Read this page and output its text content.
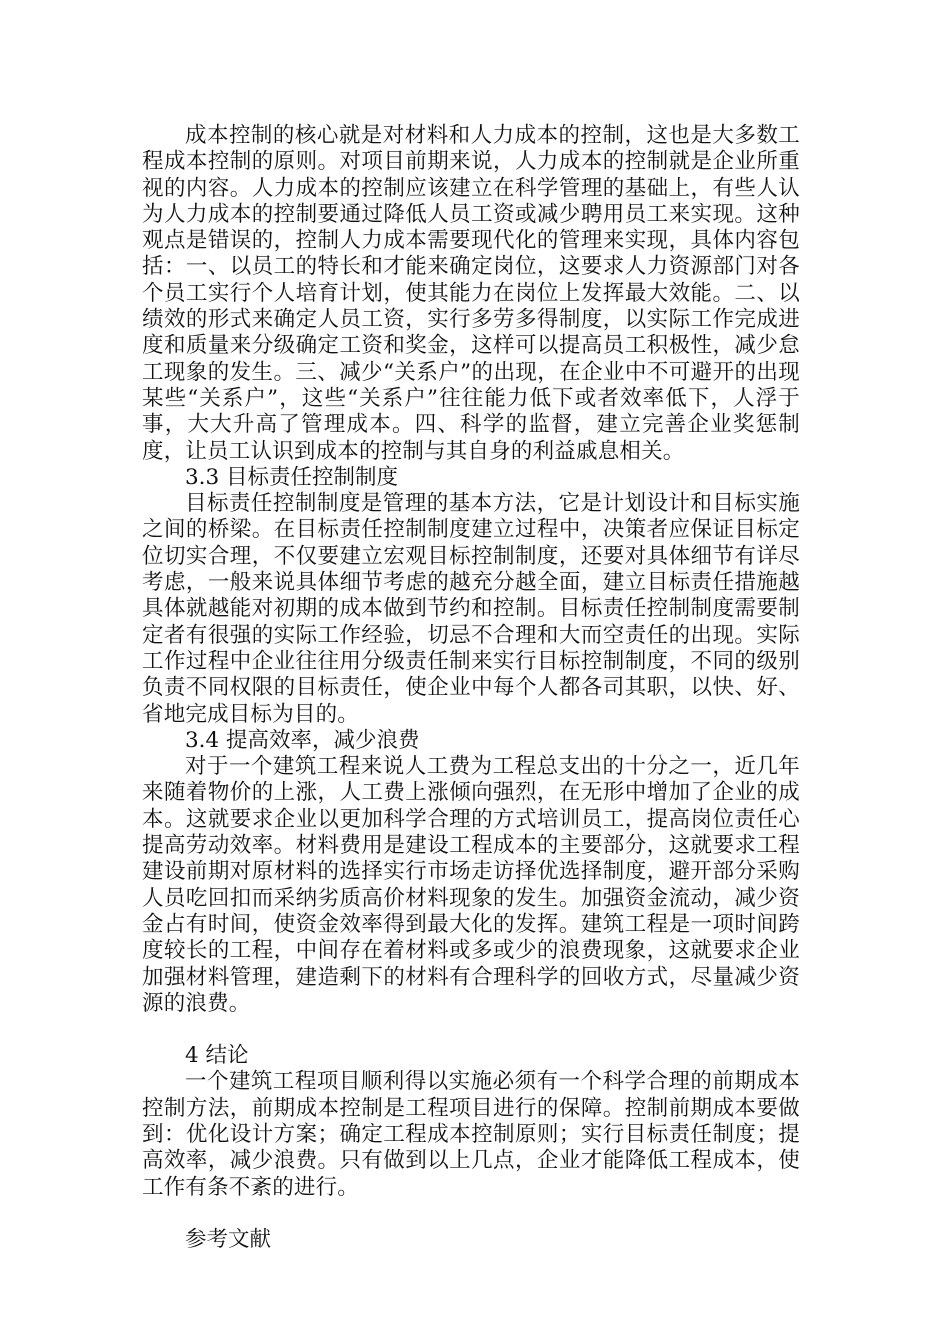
成本控制的核心就是对材料和人力成本的控制，这也是大多数工程成本控制的原则。对项目前期来说，人力成本的控制就是企业所重视的内容。人力成本的控制应该建立在科学管理的基础上，有些人认为人力成本的控制要通过降低人员工资或减少聘用员工来实现。这种观点是错误的，控制人力成本需要现代化的管理来实现，具体内容包括：一、以员工的特长和才能来确定岗位，这要求人力资源部门对各个员工实行个人培育计划，使其能力在岗位上发挥最大效能。二、以绩效的形式来确定人员工资，实行多劳多得制度，以实际工作完成进度和质量来分级确定工资和奖金，这样可以提高员工积极性，减少怠工现象的发生。三、减少“关系户”的出现，在企业中不可避开的出现某些“关系户”，这些“关系户”往往能力低下或者效率低下，人浮于事，大大升高了管理成本。四、科学的监督，建立完善企业奖惩制度，让员工认识到成本的控制与其自身的利益戚息相关。

3.3 目标责任控制制度

目标责任控制制度是管理的基本方法，它是计划设计和目标实施之间的桥梁。在目标责任控制制度建立过程中，决策者应保证目标定位切实合理，不仅要建立宏观目标控制制度，还要对具体细节有详尽考虑，一般来说具体细节考虑的越充分越全面，建立目标责任措施越具体就越能对初期的成本做到节约和控制。目标责任控制制度需要制定者有很强的实际工作经验，切忌不合理和大而空责任的出现。实际工作过程中企业往往用分级责任制来实行目标控制制度，不同的级别负责不同权限的目标责任，使企业中每个人都各司其职，以快、好、省地完成目标为目的。

3.4 提高效率，减少浪费

对于一个建筑工程来说人工费为工程总支出的十分之一，近几年来随着物价的上涨，人工费上涨倾向强烈，在无形中增加了企业的成本。这就要求企业以更加科学合理的方式培训员工，提高岗位责任心提高劳动效率。材料费用是建设工程成本的主要部分，这就要求工程建设前期对原材料的选择实行市场走访择优选择制度，避开部分采购人员吃回扣而采纳劣质高价材料现象的发生。加强资金流动，减少资金占有时间，使资金效率得到最大化的发挥。建筑工程是一项时间跨度较长的工程，中间存在着材料或多或少的浪费现象，这就要求企业加强材料管理，建造剩下的材料有合理科学的回收方式，尽量减少资源的浪费。

4 结论

一个建筑工程项目顺利得以实施必须有一个科学合理的前期成本控制方法，前期成本控制是工程项目进行的保障。控制前期成本要做到：优化设计方案；确定工程成本控制原则；实行目标责任制度；提高效率，减少浪费。只有做到以上几点，企业才能降低工程成本，使工作有条不紊的进行。

参考文献
